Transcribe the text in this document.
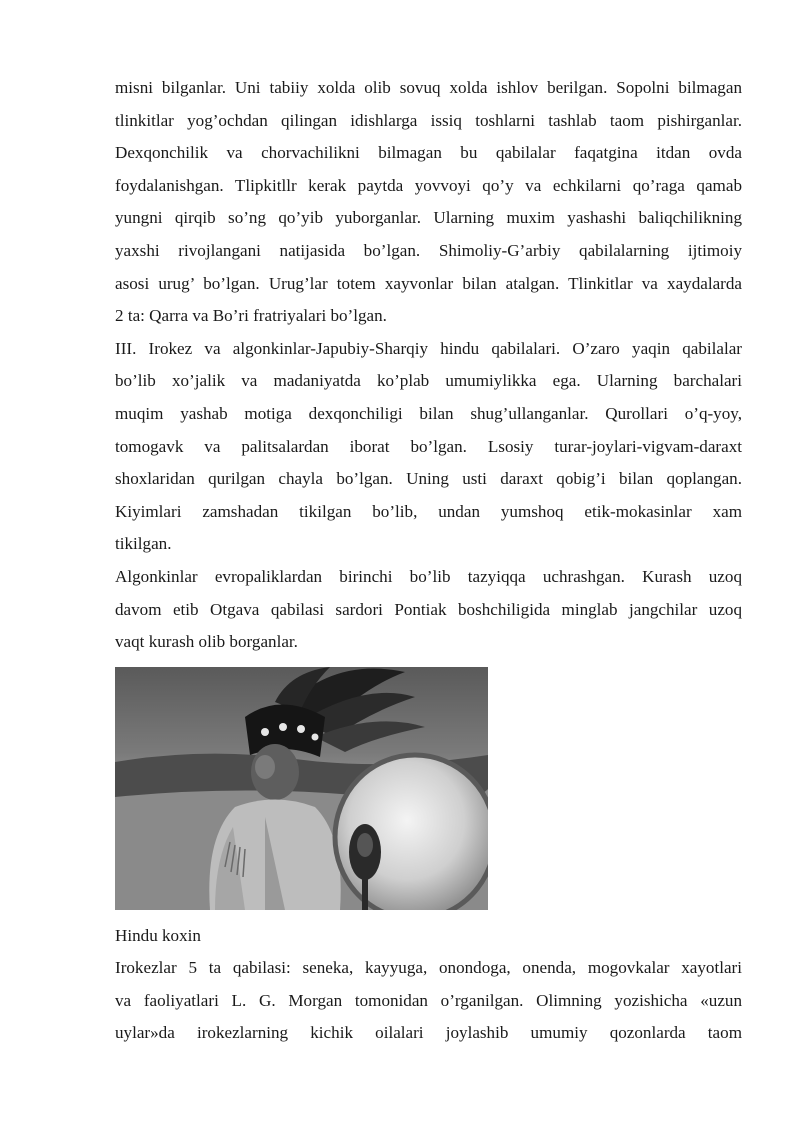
misni bilganlar. Uni tabiiy xolda olib sovuq xolda ishlov berilgan. Sopolni bilmagan
tlinkitlar yog’ochdan qilingan idishlarga issiq toshlarni tashlab taom pishirganlar.
Dexqonchilik va chorvachilikni bilmagan bu qabilalar faqatgina itdan ovda
foydalanishgan. Tlipkitllr kerak paytda yovvoyi qo’y va echkilarni qo’raga qamab
yungni qirqib so’ng qo’yib yuborganlar. Ularning muxim yashashi baliqchilikning
yaxshi rivojlangani natijasida bo’lgan. Shimoliy-G’arbiy qabilalarning ijtimoiy
asosi urug’ bo’lgan. Urug’lar totem xayvonlar bilan atalgan. Tlinkitlar va xaydalarda
2 ta: Qarra va Bo’ri fratriyalari bo’lgan.
III. Irokez va algonkinlar-Japubiy-Sharqiy hindu qabilalari. O’zaro yaqin qabilalar
bo’lib xo’jalik va madaniyatda ko’plab umumiylikka ega. Ularning barchalari
muqim yashab motiga dexqonchiligi bilan shug’ullanganlar. Qurollari o’q-yoy,
tomogavk va palitsalardan iborat bo’lgan. Lsosiy turar-joylari-vigvam-daraxt
shoxlaridan qurilgan chayla bo’lgan. Uning usti daraxt qobig’i bilan qoplangan.
Kiyimlari zamshadan tikilgan bo’lib, undan yumshoq etik-mokasinlar xam
tikilgan.
Algonkinlar evropaliklardan birinchi bo’lib tazyiqqa uchrashgan. Kurash uzoq
davom etib Otgava qabilasi sardori Pontiak boshchiligida minglab jangchilar uzoq
vaqt kurash olib borganlar.
Hindu koxin
Irokezlar 5 ta qabilasi: seneka, kayyuga, onondoga, onenda, mogovkalar xayotlari
va faoliyatlari L. G. Morgan tomonidan o’rganilgan. Olimning yozishicha «uzun
uylar»da irokezlarning kichik oilalari joylashib umumiy qozonlarda taom
